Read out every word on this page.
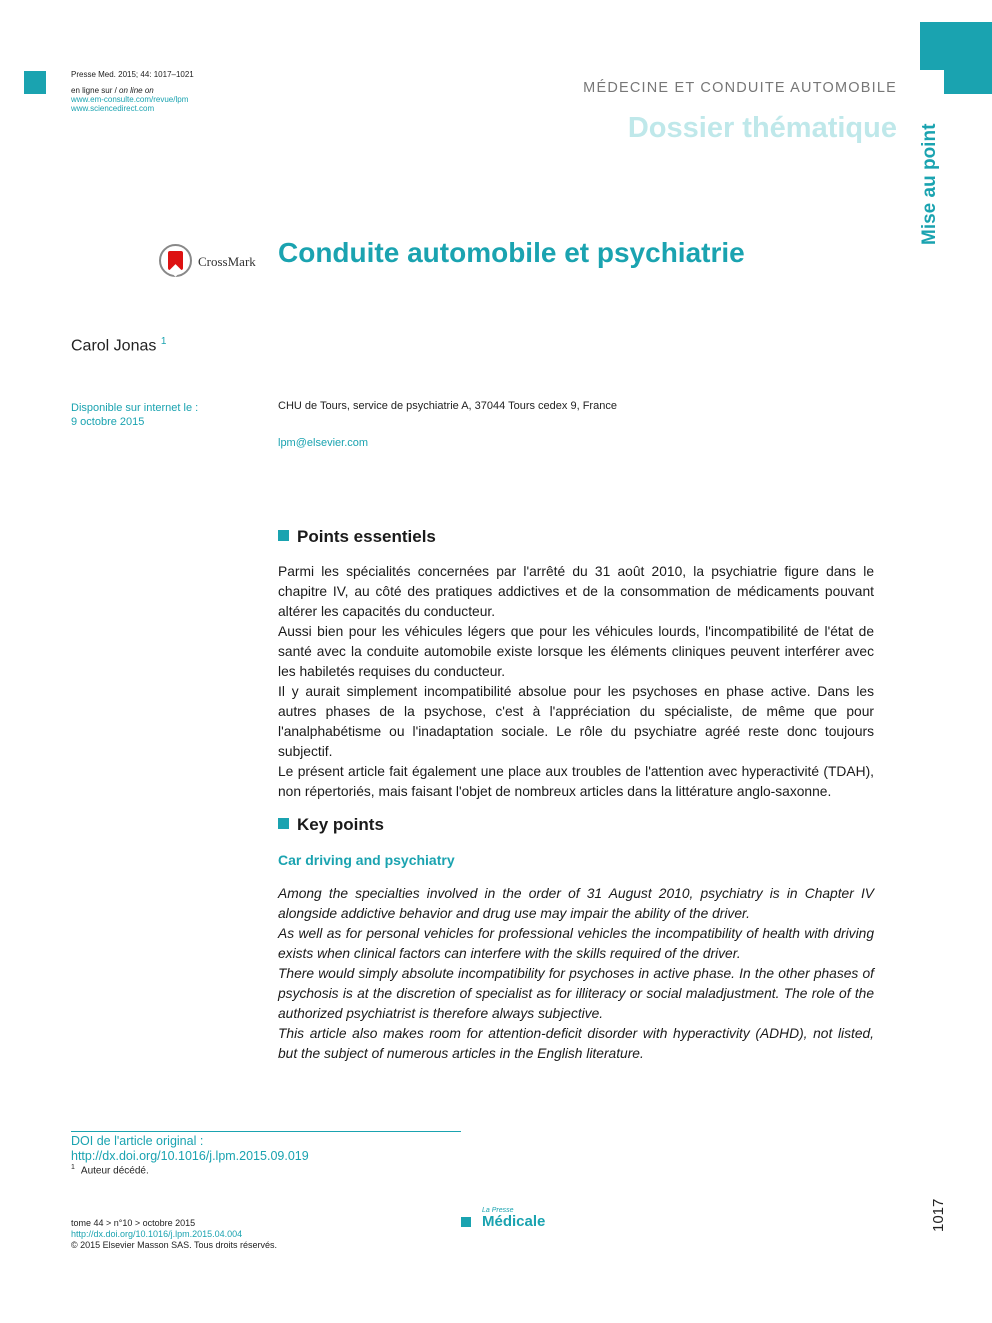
Presse Med. 2015; 44: 1017–1021
en ligne sur / on line on
www.em-consulte.com/revue/lpm
www.sciencedirect.com
MÉDECINE ET CONDUITE AUTOMOBILE
Dossier thématique Mise au point
CrossMark Conduite automobile et psychiatrie
Carol Jonas $^1$
Disponible sur internet le :
9 octobre 2015
CHU de Tours, service de psychiatrie A, 37044 Tours cedex 9, France
lpm@elsevier.com
Points essentiels

Parmi les spécialités concernées par l'arrêté du 31 août 2010, la psychiatrie figure dans le chapitre IV, au côté des pratiques addictives et de la consommation de médicaments pouvant altérer les capacités du conducteur.

Aussi bien pour les véhicules légers que pour les véhicules lourds, l'incompatibilité de l'état de santé avec la conduite automobile existe lorsque les éléments cliniques peuvent interférer avec les habiletés requises du conducteur.

Il y aurait simplement incompatibilité absolue pour les psychoses en phase active. Dans les autres phases de la psychose, c'est à l'appréciation du spécialiste, de même que pour l'analphabétisme ou l'inadaptation sociale. Le rôle du psychiatre agréé reste donc toujours subjectif.

Le présent article fait également une place aux troubles de l'attention avec hyperactivité (TDAH), non répertoriés, mais faisant l'objet de nombreux articles dans la littérature anglo-saxonne.

Key points
Car driving and psychiatry

Among the specialties involved in the order of 31 August 2010, psychiatry is in Chapter IV alongside addictive behavior and drug use may impair the ability of the driver.

As well as for personal vehicles for professional vehicles the incompatibility of health with driving exists when clinical factors can interfere with the skills required of the driver.

There would simply absolute incompatibility for psychoses in active phase. In the other phases of psychosis is at the discretion of specialist as for illiteracy or social maladjustment. The role of the authorized psychiatrist is therefore always subjective.

This article also makes room for attention-deficit disorder with hyperactivity (ADHD), not listed, but the subject of numerous articles in the English literature.

DOI de l'article original :
http://dx.doi.org/10.1016/j.lpm.2015.09.019
$^1$ Auteur décédé.
tome 44 > n°10 > octobre 2015
http://dx.doi.org/10.1016/j.lpm.2015.04.004
© 2015 Elsevier Masson SAS. Tous droits réservés.
La Presse
Médicale	1017
